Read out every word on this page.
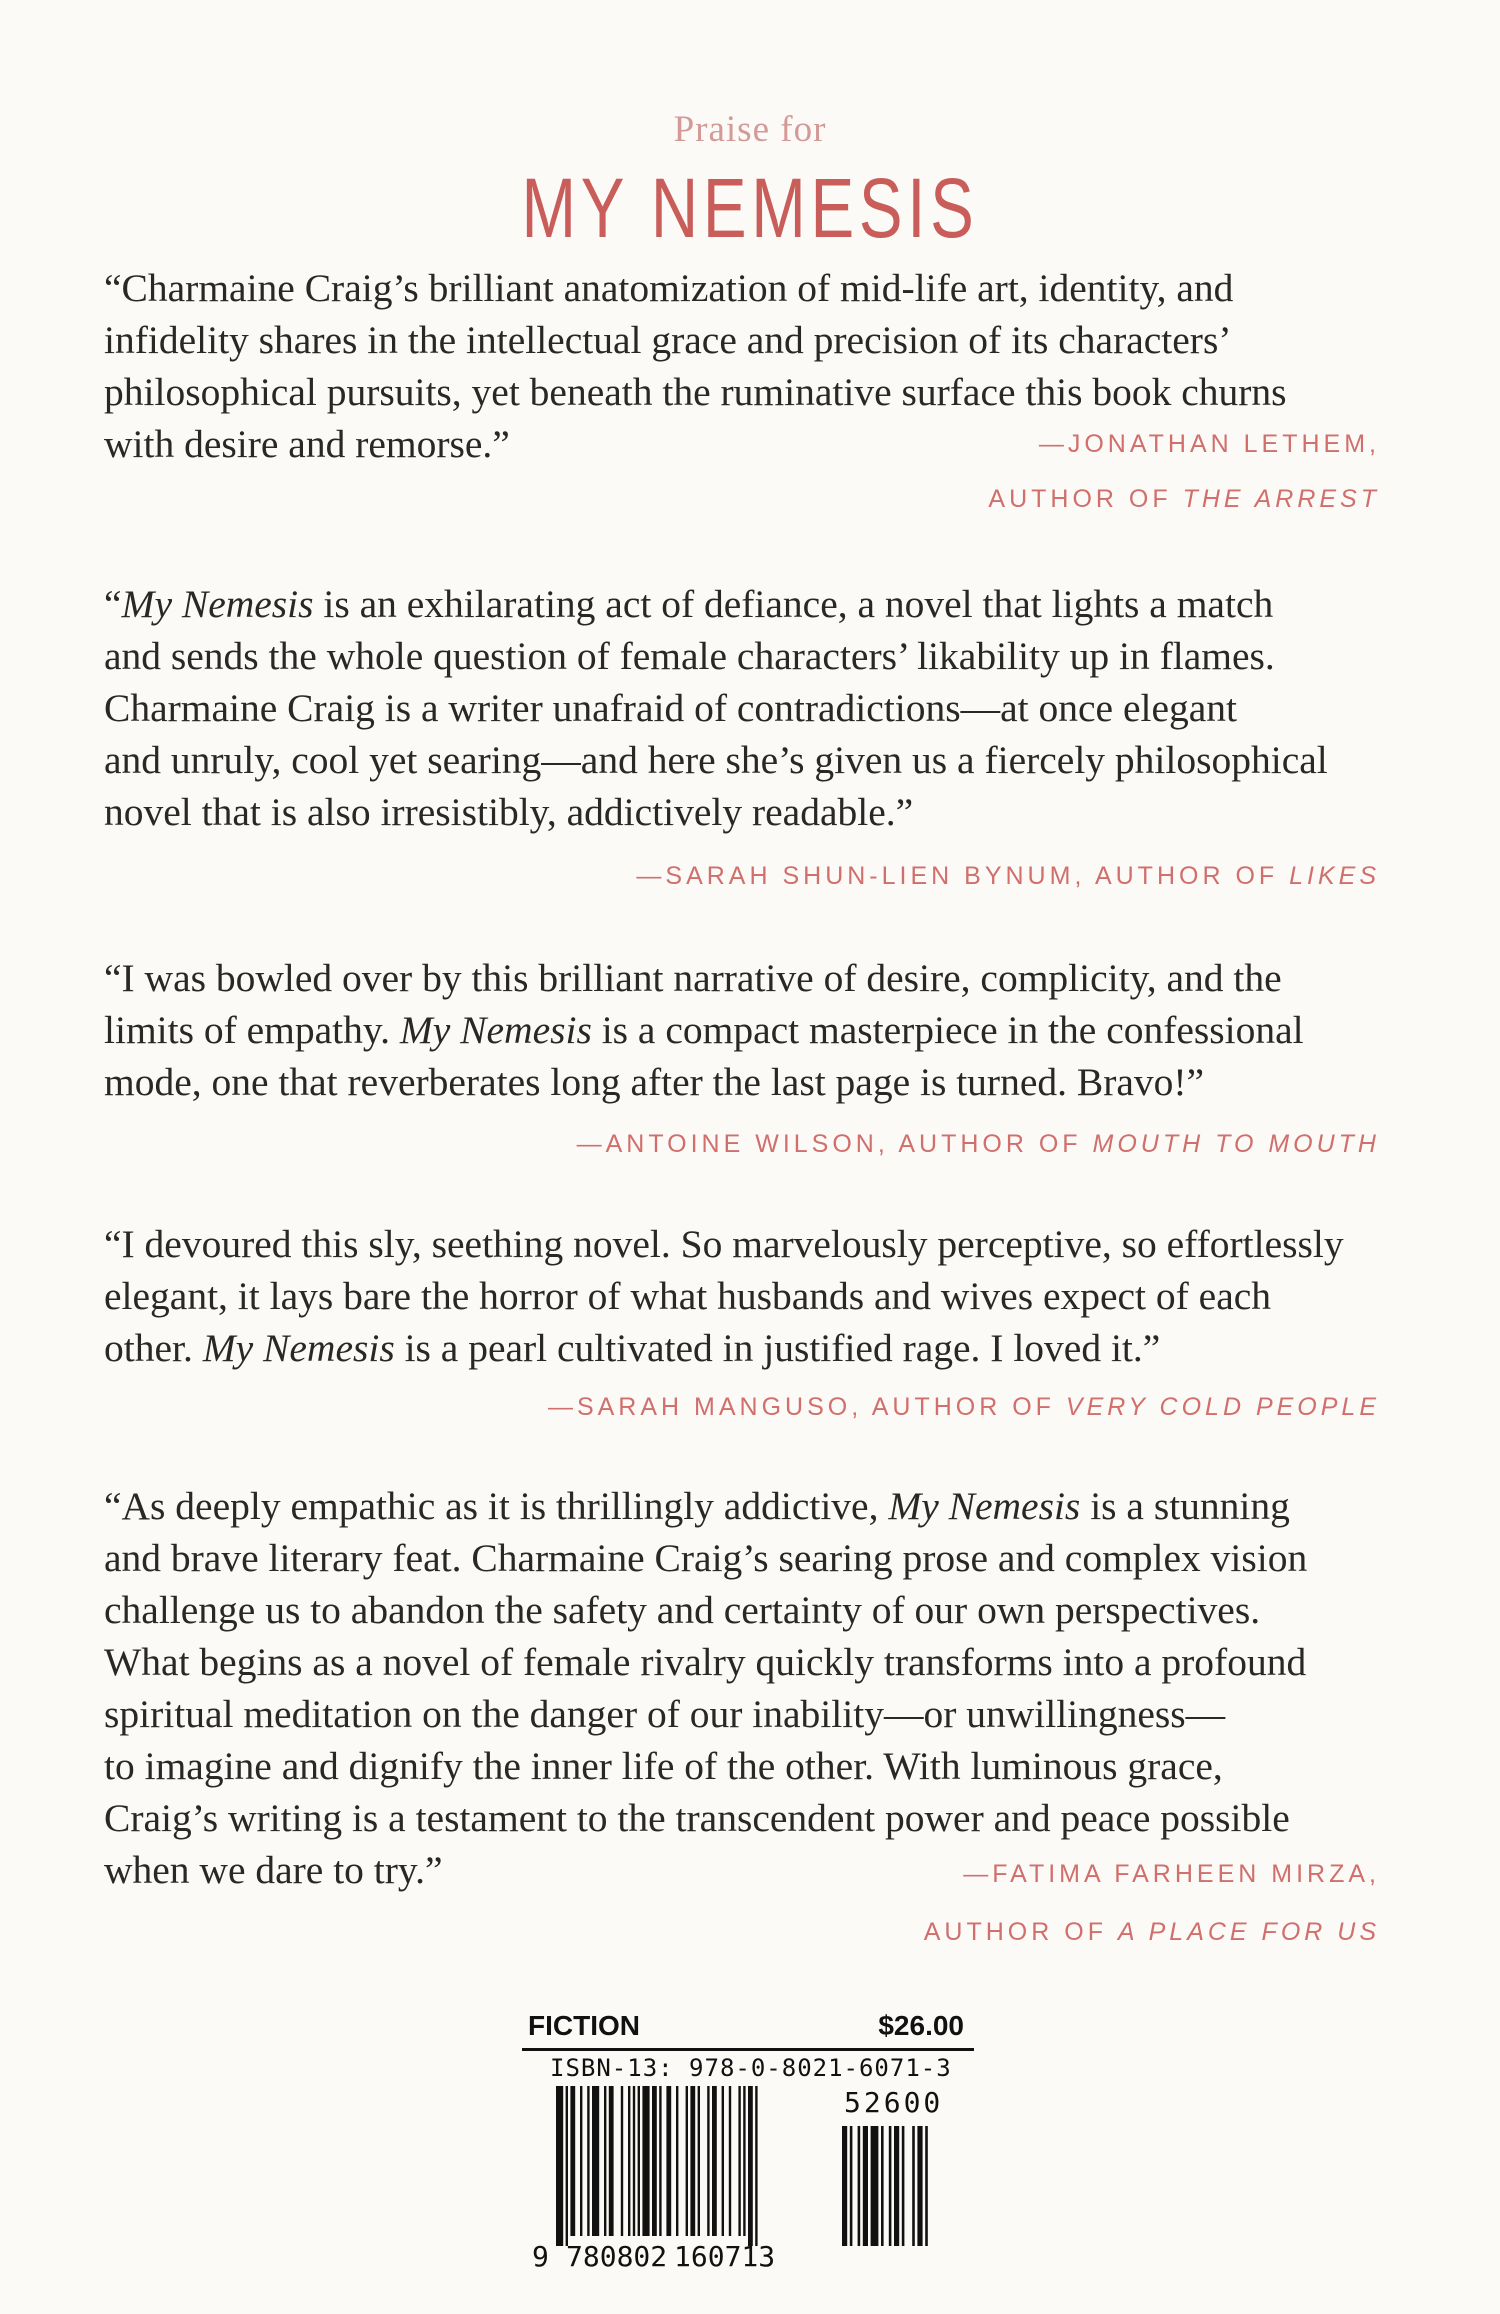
Praise for
MY NEMESIS
“Charmaine Craig’s brilliant anatomization of mid-life art, identity, and
infidelity shares in the intellectual grace and precision of its characters’
philosophical pursuits, yet beneath the ruminative surface this book churns
with desire and remorse.”	—JONATHAN LETHEM,
AUTHOR OF THE ARREST
“My Nemesis is an exhilarating act of defiance, a novel that lights a match
and sends the whole question of female characters’ likability up in flames.
Charmaine Craig is a writer unafraid of contradictions—at once elegant
and unruly, cool yet searing—and here she’s given us a fiercely philosophical
novel that is also irresistibly, addictively readable.”
—SARAH SHUN-LIEN BYNUM, AUTHOR OF LIKES
“I was bowled over by this brilliant narrative of desire, complicity, and the
limits of empathy. My Nemesis is a compact masterpiece in the confessional
mode, one that reverberates long after the last page is turned. Bravo!”
—ANTOINE WILSON, AUTHOR OF MOUTH TO MOUTH
“I devoured this sly, seething novel. So marvelously perceptive, so effortlessly
elegant, it lays bare the horror of what husbands and wives expect of each
other. My Nemesis is a pearl cultivated in justified rage. I loved it.”
—SARAH MANGUSO, AUTHOR OF VERY COLD PEOPLE
“As deeply empathic as it is thrillingly addictive, My Nemesis is a stunning
and brave literary feat. Charmaine Craig’s searing prose and complex vision
challenge us to abandon the safety and certainty of our own perspectives.
What begins as a novel of female rivalry quickly transforms into a profound
spiritual meditation on the danger of our inability—or unwillingness—
to imagine and dignify the inner life of the other. With luminous grace,
Craig’s writing is a testament to the transcendent power and peace possible
when we dare to try.”	—FATIMA FARHEEN MIRZA,
AUTHOR OF A PLACE FOR US
FICTION	$26.00
ISBN-13: 978-0-8021-6071-3
9 780802 160713
52600
